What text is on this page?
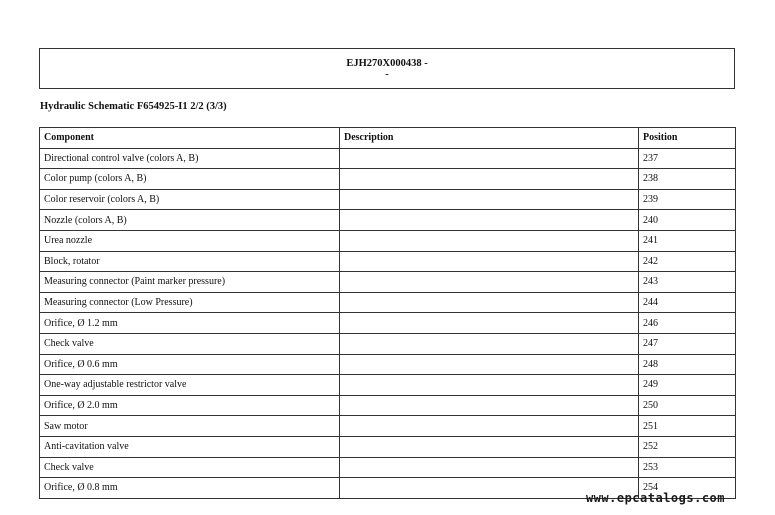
EJH270X000438 -
-
Hydraulic Schematic F654925-I1 2/2 (3/3)
Component	Description	Position
Directional control valve (colors A, B)		237
Color pump (colors A, B)		238
Color reservoir (colors A, B)		239
Nozzle (colors A, B)		240
Urea nozzle		241
Block, rotator		242
Measuring connector (Paint marker pressure)		243
Measuring connector (Low Pressure)		244
Orifice, Ø 1.2 mm		246
Check valve		247
Orifice, Ø 0.6 mm		248
One-way adjustable restrictor valve		249
Orifice, Ø 2.0 mm		250
Saw motor		251
Anti-cavitation valve		252
Check valve		253
Orifice, Ø 0.8 mm		254
www.epcatalogs.com
